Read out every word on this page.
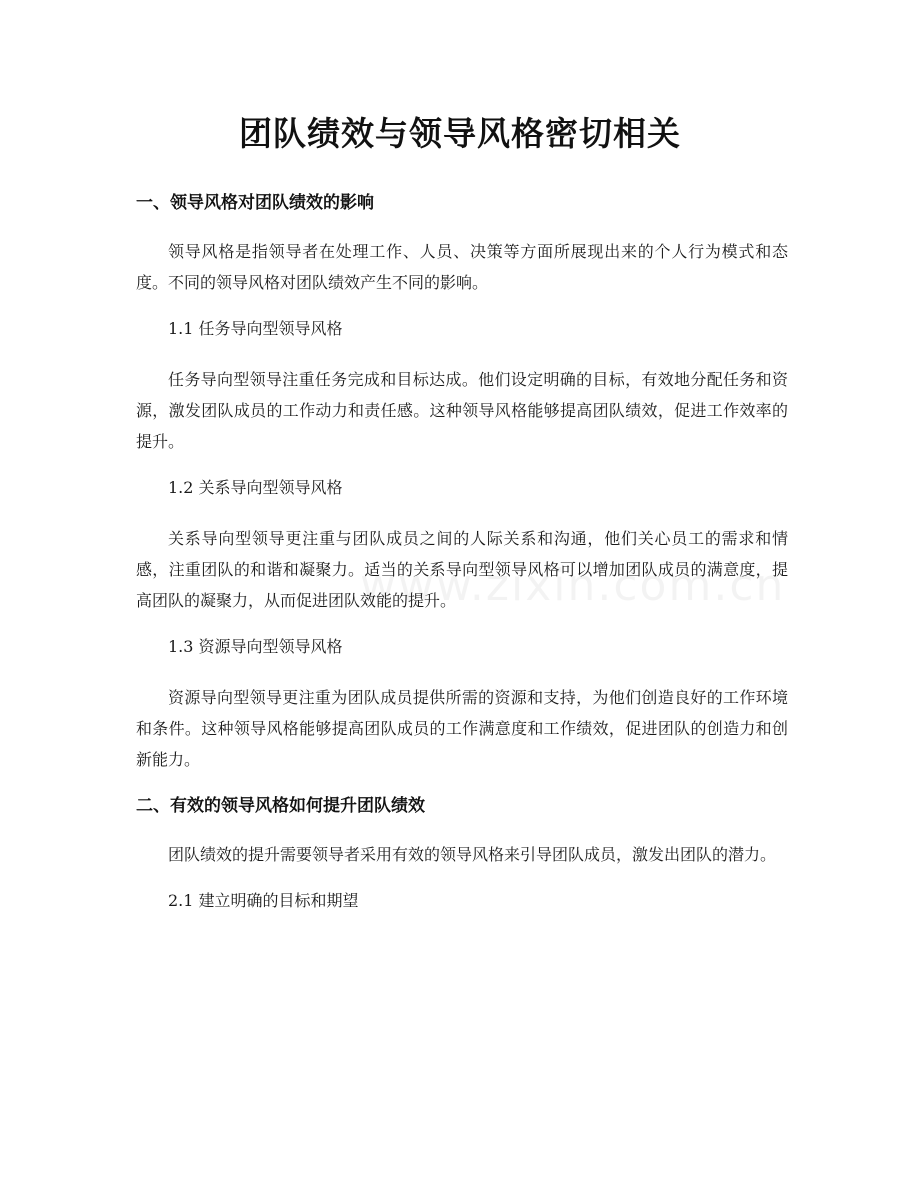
团队绩效与领导风格密切相关

一、领导风格对团队绩效的影响

领导风格是指领导者在处理工作、人员、决策等方面所展现出来的个人行为模式和态度。不同的领导风格对团队绩效产生不同的影响。

1.1 任务导向型领导风格

任务导向型领导注重任务完成和目标达成。他们设定明确的目标，有效地分配任务和资源，激发团队成员的工作动力和责任感。这种领导风格能够提高团队绩效，促进工作效率的提升。

1.2 关系导向型领导风格

关系导向型领导更注重与团队成员之间的人际关系和沟通，他们关心员工的需求和情感，注重团队的和谐和凝聚力。适当的关系导向型领导风格可以增加团队成员的满意度，提高团队的凝聚力，从而促进团队效能的提升。

1.3 资源导向型领导风格

资源导向型领导更注重为团队成员提供所需的资源和支持，为他们创造良好的工作环境和条件。这种领导风格能够提高团队成员的工作满意度和工作绩效，促进团队的创造力和创新能力。

二、有效的领导风格如何提升团队绩效

团队绩效的提升需要领导者采用有效的领导风格来引导团队成员，激发出团队的潜力。

2.1 建立明确的目标和期望
